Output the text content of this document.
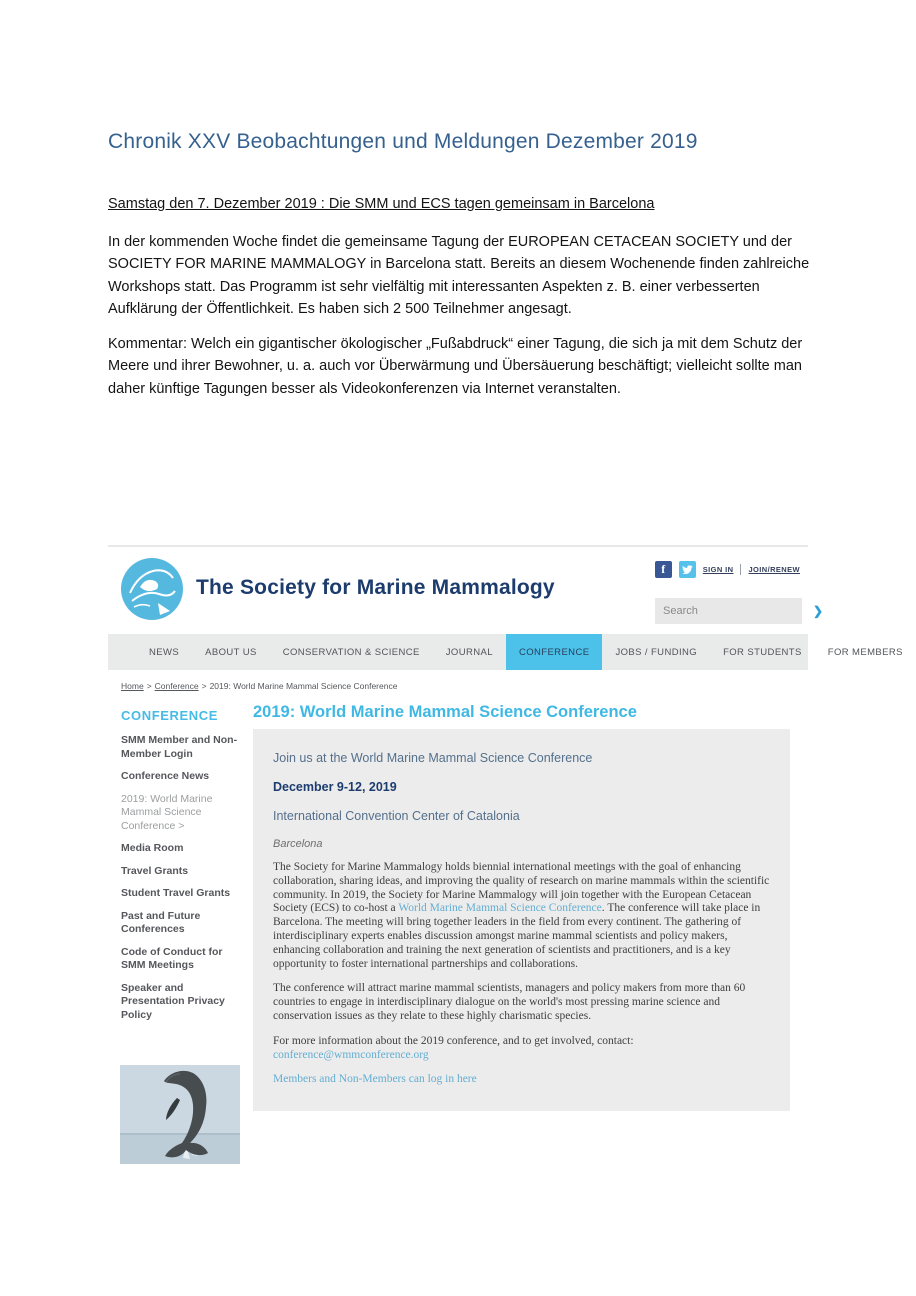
Chronik XXV Beobachtungen und Meldungen Dezember 2019
Samstag den 7. Dezember 2019 : Die SMM und ECS tagen gemeinsam in Barcelona
In der kommenden Woche findet die gemeinsame Tagung der EUROPEAN CETACEAN SOCIETY und der SOCIETY FOR MARINE MAMMALOGY in Barcelona statt. Bereits an diesem Wochenende finden zahlreiche Workshops statt. Das Programm ist sehr vielfältig mit interessanten Aspekten z. B. einer verbesserten Aufklärung der Öffentlichkeit. Es haben sich 2 500 Teilnehmer angesagt.
Kommentar: Welch ein gigantischer ökologischer „Fußabdruck“ einer Tagung, die sich ja mit dem Schutz der Meere und ihrer Bewohner, u. a. auch vor Überwärmung und Übersäuerung beschäftigt; vielleicht sollte man daher künftige Tagungen besser als Videokonferenzen via Internet veranstalten.
The Society for Marine Mammalogy
f	SIGN IN JOIN/RENEW
Search
❯
NEWS	ABOUT US	CONSERVATION & SCIENCE	JOURNAL	CONFERENCE	JOBS / FUNDING	FOR STUDENTS	FOR MEMBERS
Home > Conference > 2019: World Marine Mammal Science Conference
CONFERENCE
SMM Member and Non-Member Login
Conference News
2019: World Marine Mammal Science Conference >
Media Room
Travel Grants
Student Travel Grants
Past and Future Conferences
Code of Conduct for SMM Meetings
Speaker and Presentation Privacy Policy
2019: World Marine Mammal Science Conference
Join us at the World Marine Mammal Science Conference
December 9-12, 2019
International Convention Center of Catalonia
Barcelona

The Society for Marine Mammalogy holds biennial international meetings with the goal of enhancing collaboration, sharing ideas, and improving the quality of research on marine mammals within the scientific community. In 2019, the Society for Marine Mammalogy will join together with the European Cetacean Society (ECS) to co-host a World Marine Mammal Science Conference. The conference will take place in Barcelona. The meeting will bring together leaders in the field from every continent. The gathering of interdisciplinary experts enables discussion amongst marine mammal scientists and policy makers, enhancing collaboration and training the next generation of scientists and practitioners, and is a key opportunity to foster international partnerships and collaborations.

The conference will attract marine mammal scientists, managers and policy makers from more than 60 countries to engage in interdisciplinary dialogue on the world's most pressing marine science and conservation issues as they relate to these highly charismatic species.

For more information about the 2019 conference, and to get involved, contact: conference@wmmconference.org

Members and Non-Members can log in here
